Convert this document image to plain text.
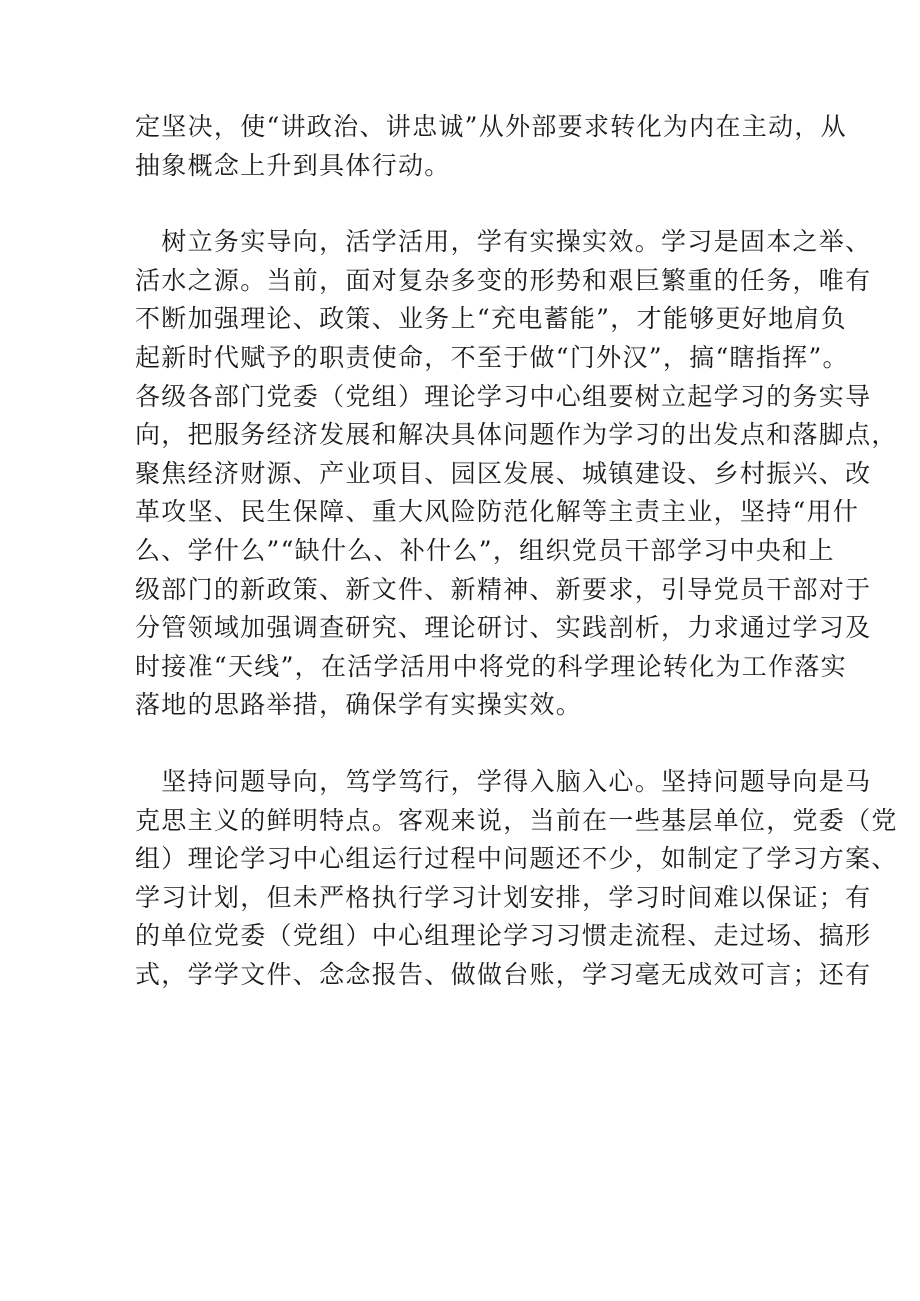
定坚决，使“讲政治、讲忠诚”从外部要求转化为内在主动，从
抽象概念上升到具体行动。
　树立务实导向，活学活用，学有实操实效。学习是固本之举、
活水之源。当前，面对复杂多变的形势和艰巨繁重的任务，唯有
不断加强理论、政策、业务上“充电蓄能”，才能够更好地肩负
起新时代赋予的职责使命，不至于做“门外汉”，搞“瞎指挥”。
各级各部门党委（党组）理论学习中心组要树立起学习的务实导
向，把服务经济发展和解决具体问题作为学习的出发点和落脚点，
聚焦经济财源、产业项目、园区发展、城镇建设、乡村振兴、改
革攻坚、民生保障、重大风险防范化解等主责主业，坚持“用什
么、学什么”“缺什么、补什么”，组织党员干部学习中央和上
级部门的新政策、新文件、新精神、新要求，引导党员干部对于
分管领域加强调查研究、理论研讨、实践剖析，力求通过学习及
时接准“天线”，在活学活用中将党的科学理论转化为工作落实
落地的思路举措，确保学有实操实效。
　坚持问题导向，笃学笃行，学得入脑入心。坚持问题导向是马
克思主义的鲜明特点。客观来说，当前在一些基层单位，党委（党
组）理论学习中心组运行过程中问题还不少，如制定了学习方案、
学习计划，但未严格执行学习计划安排，学习时间难以保证；有
的单位党委（党组）中心组理论学习习惯走流程、走过场、搞形
式，学学文件、念念报告、做做台账，学习毫无成效可言；还有
